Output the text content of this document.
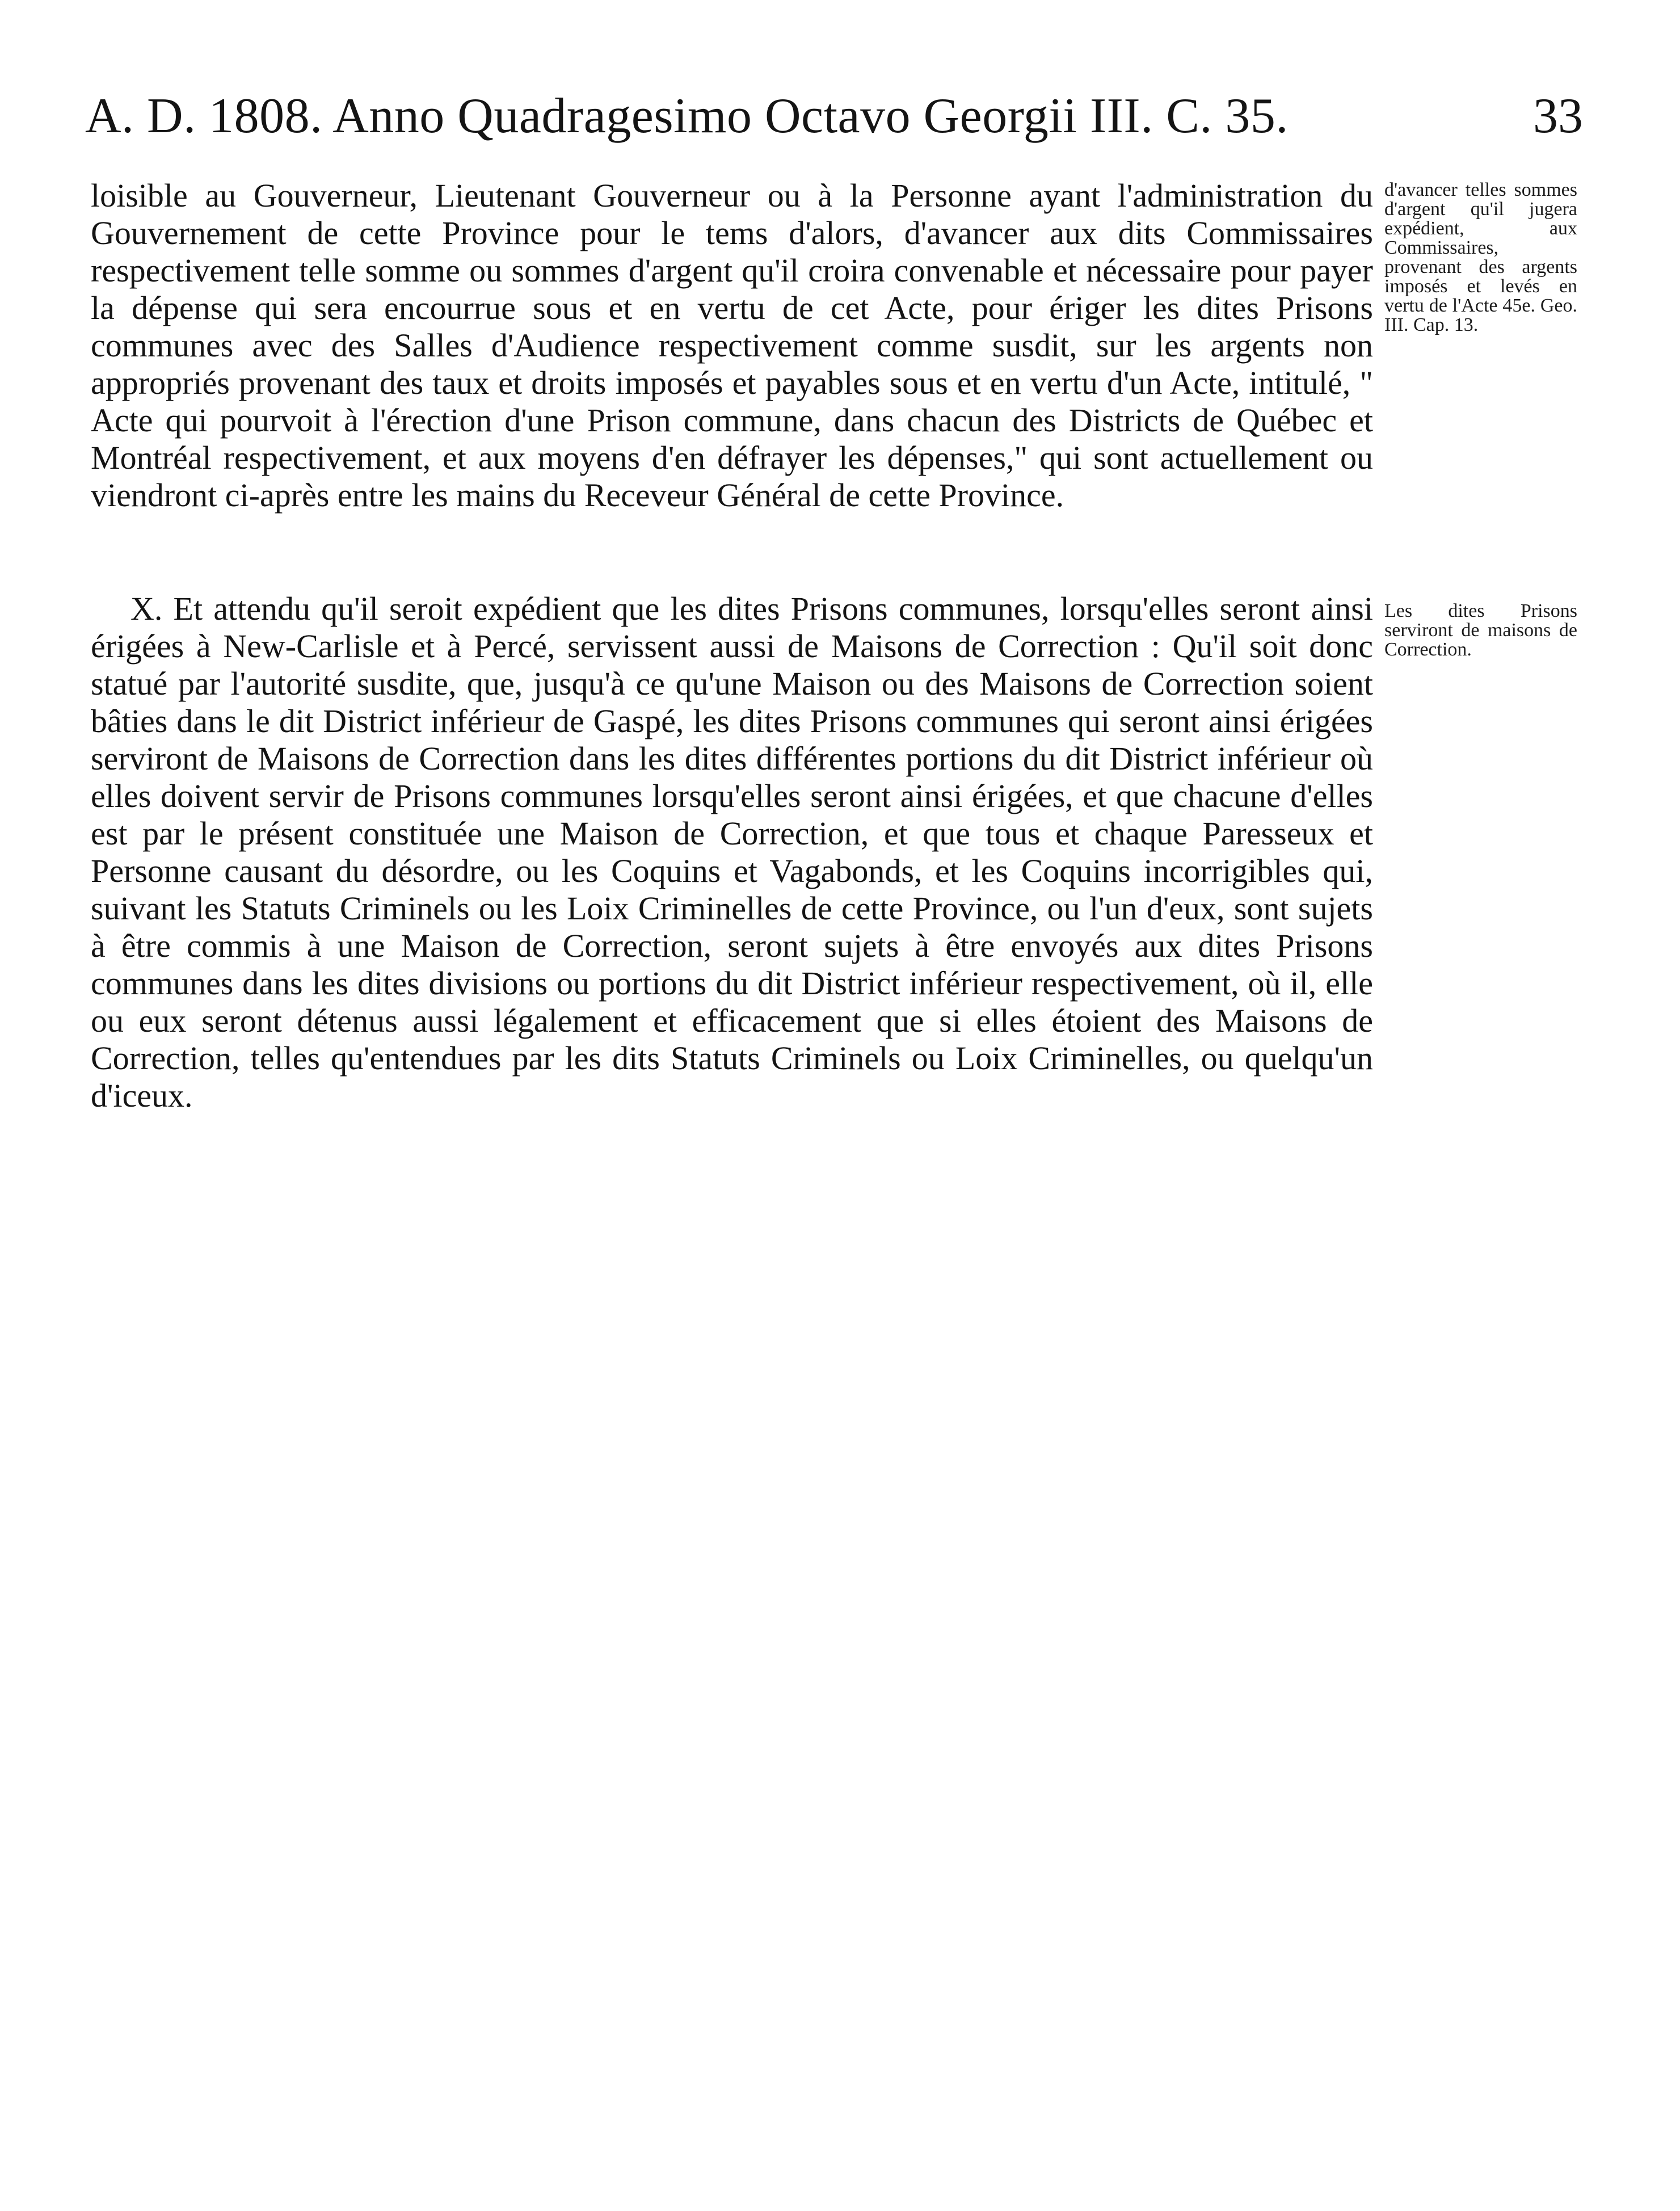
A. D. 1808. Anno Quadragesimo Octavo Georgii III. C. 35.	33

loisible au Gouverneur, Lieutenant Gouverneur ou à la Personne ayant l'administration du Gouvernement de cette Province pour le tems d'alors, d'avancer aux dits Commissaires respectivement telle somme ou sommes d'argent qu'il croira convenable et nécessaire pour payer la dépense qui sera encourrue sous et en vertu de cet Acte, pour ériger les dites Prisons communes avec des Salles d'Audience respectivement comme susdit, sur les argents non appropriés provenant des taux et droits imposés et payables sous et en vertu d'un Acte, intitulé, " Acte qui pourvoit à l'érection d'une Prison commune, dans chacun des Districts de Québec et Montréal respectivement, et aux moyens d'en défrayer les dépenses," qui sont actuellement ou viendront ci-après entre les mains du Receveur Général de cette Province.

X. Et attendu qu'il seroit expédient que les dites Prisons communes, lorsqu'elles seront ainsi érigées à New-Carlisle et à Percé, servissent aussi de Maisons de Correction : Qu'il soit donc statué par l'autorité susdite, que, jusqu'à ce qu'une Maison ou des Maisons de Correction soient bâties dans le dit District inférieur de Gaspé, les dites Prisons communes qui seront ainsi érigées serviront de Maisons de Correction dans les dites différentes portions du dit District inférieur où elles doivent servir de Prisons communes lorsqu'elles seront ainsi érigées, et que chacune d'elles est par le présent constituée une Maison de Correction, et que tous et chaque Paresseux et Personne causant du désordre, ou les Coquins et Vagabonds, et les Coquins incorrigibles qui, suivant les Statuts Criminels ou les Loix Criminelles de cette Province, ou l'un d'eux, sont sujets à être commis à une Maison de Correction, seront sujets à être envoyés aux dites Prisons communes dans les dites divisions ou portions du dit District inférieur respectivement, où il, elle ou eux seront détenus aussi légalement et efficacement que si elles étoient des Maisons de Correction, telles qu'entendues par les dits Statuts Criminels ou Loix Criminelles, ou quelqu'un d'iceux.

d'avancer telles sommes d'argent qu'il jugera expédient, aux Commissaires, provenant des argents imposés et levés en vertu de l'Acte 45e. Geo. III. Cap. 13.
Les dites Prisons serviront de maisons de Correction.
